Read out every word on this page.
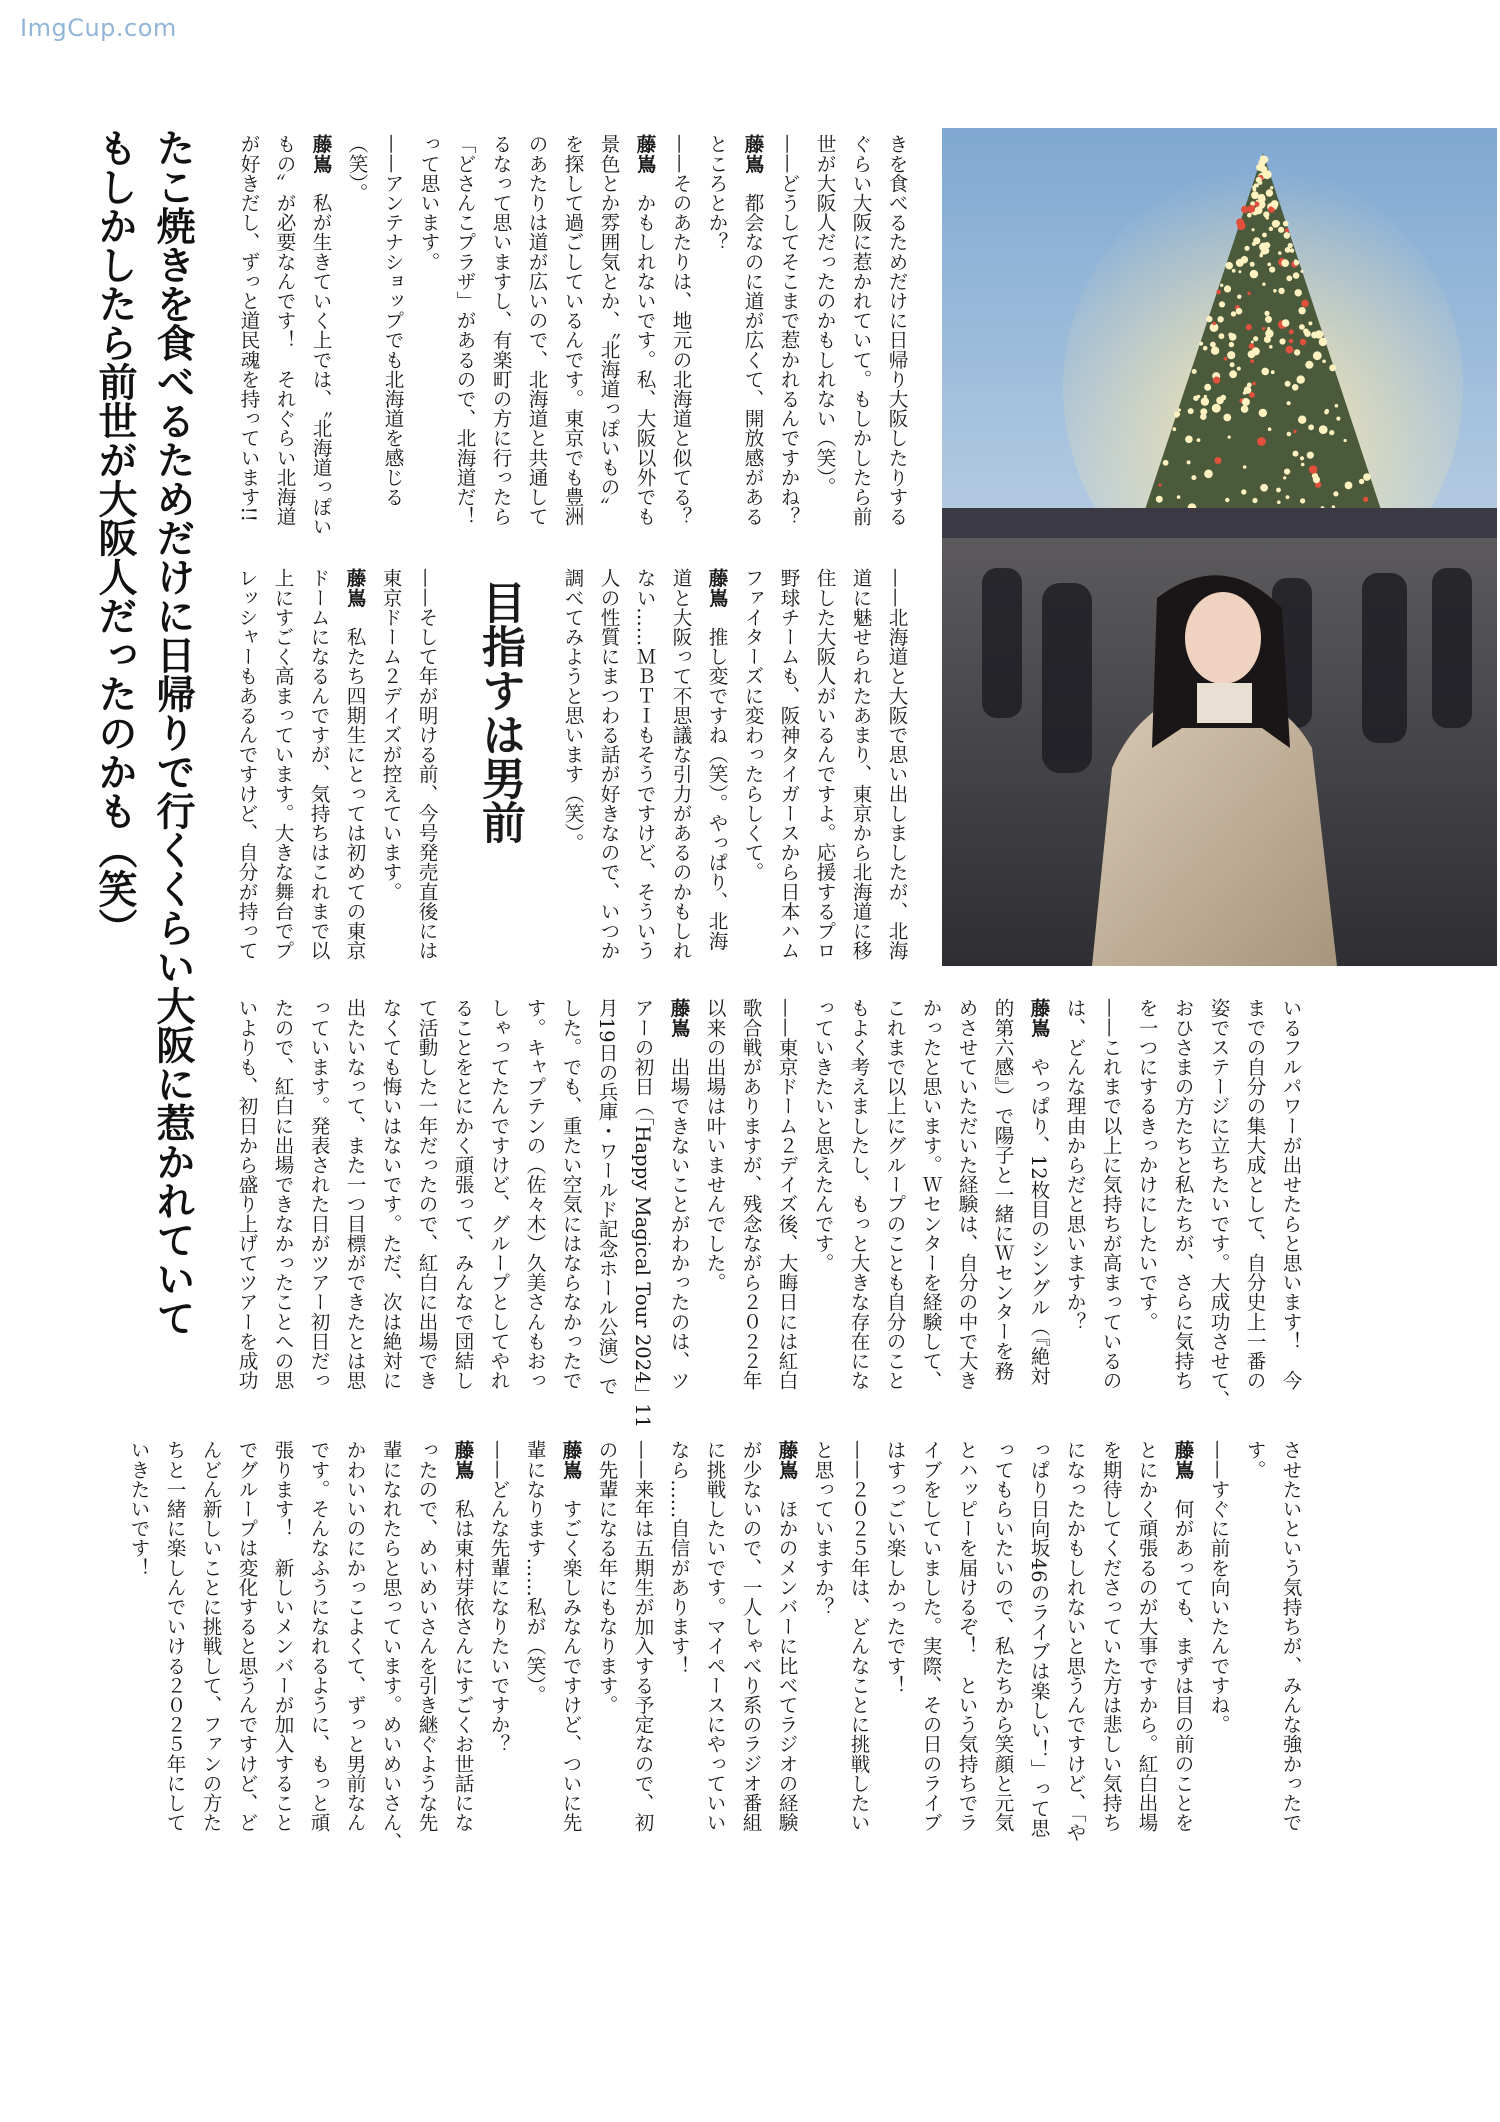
ImgCup.com
たこ焼きを食べるためだけに日帰りで行くくらい大阪に惹かれていて
もしかしたら前世が大阪人だったのかも（笑）	きを食べるためだけに日帰り大阪したりする
ぐらい大阪に惹かれていて。もしかしたら前
世が大阪人だったのかもしれない（笑）。
——どうしてそこまで惹かれるんですかね？
藤嶌都会なのに道が広くて、開放感がある
ところとか？
——そのあたりは、地元の北海道と似てる？
藤嶌かもしれないです。私、大阪以外でも
景色とか雰囲気とか、〝北海道っぽいもの〟
を探して過ごしているんです。東京でも豊洲
のあたりは道が広いので、北海道と共通して
るなって思いますし、有楽町の方に行ったら
「どさんこプラザ」があるので、北海道だ！
って思います。
——アンテナショップでも北海道を感じる
（笑）。
藤嶌私が生きていく上では、〝北海道っぽい
もの〟が必要なんです！　それぐらい北海道
が好きだし、ずっと道民魂を持っています!!
——北海道と大阪で思い出しましたが、北海
道に魅せられたあまり、東京から北海道に移
住した大阪人がいるんですよ。応援するプロ
野球チームも、阪神タイガースから日本ハム
ファイターズに変わったらしくて。
藤嶌推し変ですね（笑）。やっぱり、北海
道と大阪って不思議な引力があるのかもしれ
ない……ＭＢＴＩもそうですけど、そういう
人の性質にまつわる話が好きなので、いつか
調べてみようと思います（笑）。
目指すは男前
——そして年が明ける前、今号発売直後には
東京ドーム２デイズが控えています。
藤嶌私たち四期生にとっては初めての東京
ドームになるんですが、気持ちはこれまで以
上にすごく高まっています。大きな舞台でプ
レッシャーもあるんですけど、自分が持って
いるフルパワーが出せたらと思います！　今
までの自分の集大成として、自分史上一番の
姿でステージに立ちたいです。大成功させて、
おひさまの方たちと私たちが、さらに気持ち
を一つにするきっかけにしたいです。
——これまで以上に気持ちが高まっているの
は、どんな理由からだと思いますか？
藤嶌やっぱり、12枚目のシングル（『絶対
的第六感』）で陽子と一緒にＷセンターを務
めさせていただいた経験は、自分の中で大き
かったと思います。Ｗセンターを経験して、
これまで以上にグループのことも自分のこと
もよく考えましたし、もっと大きな存在にな
っていきたいと思えたんです。
——東京ドーム２デイズ後、大晦日には紅白
歌合戦がありますが、残念ながら２０２２年
以来の出場は叶いませんでした。
藤嶌出場できないことがわかったのは、ツ
アーの初日（「Happy Magical Tour 2024」11
月19日の兵庫・ワールド記念ホール公演）で
した。でも、重たい空気にはならなかったで
す。キャプテンの（佐々木）久美さんもおっ
しゃってたんですけど、グループとしてやれ
ることをとにかく頑張って、みんなで団結し
て活動した一年だったので、紅白に出場でき
なくても悔いはないです。ただ、次は絶対に
出たいなって、また一つ目標ができたとは思
っています。発表された日がツアー初日だっ
たので、紅白に出場できなかったことへの思
いよりも、初日から盛り上げてツアーを成功
させたいという気持ちが、みんな強かったで
す。
——すぐに前を向いたんですね。
藤嶌何があっても、まずは目の前のことを
とにかく頑張るのが大事ですから。紅白出場
を期待してくださっていた方は悲しい気持ち
になったかもしれないと思うんですけど、「や
っぱり日向坂46のライブは楽しい！」って思
ってもらいたいので、私たちから笑顔と元気
とハッピーを届けるぞ！　という気持ちでラ
イブをしていました。実際、その日のライブ
はすっごい楽しかったです！
——２０２５年は、どんなことに挑戦したい
と思っていますか？
藤嶌ほかのメンバーに比べてラジオの経験
が少ないので、一人しゃべり系のラジオ番組
に挑戦したいです。マイペースにやっていい
なら……自信があります！
——来年は五期生が加入する予定なので、初
の先輩になる年にもなります。
藤嶌すごく楽しみなんですけど、ついに先
輩になります……私が（笑）。
——どんな先輩になりたいですか？
藤嶌私は東村芽依さんにすごくお世話にな
ったので、めいめいさんを引き継ぐような先
輩になれたらと思っています。めいめいさん、
かわいいのにかっこよくて、ずっと男前なん
です。そんなふうになれるように、もっと頑
張ります！　新しいメンバーが加入すること
でグループは変化すると思うんですけど、ど
んどん新しいことに挑戦して、ファンの方た
ちと一緒に楽しんでいける２０２５年にして
いきたいです！
